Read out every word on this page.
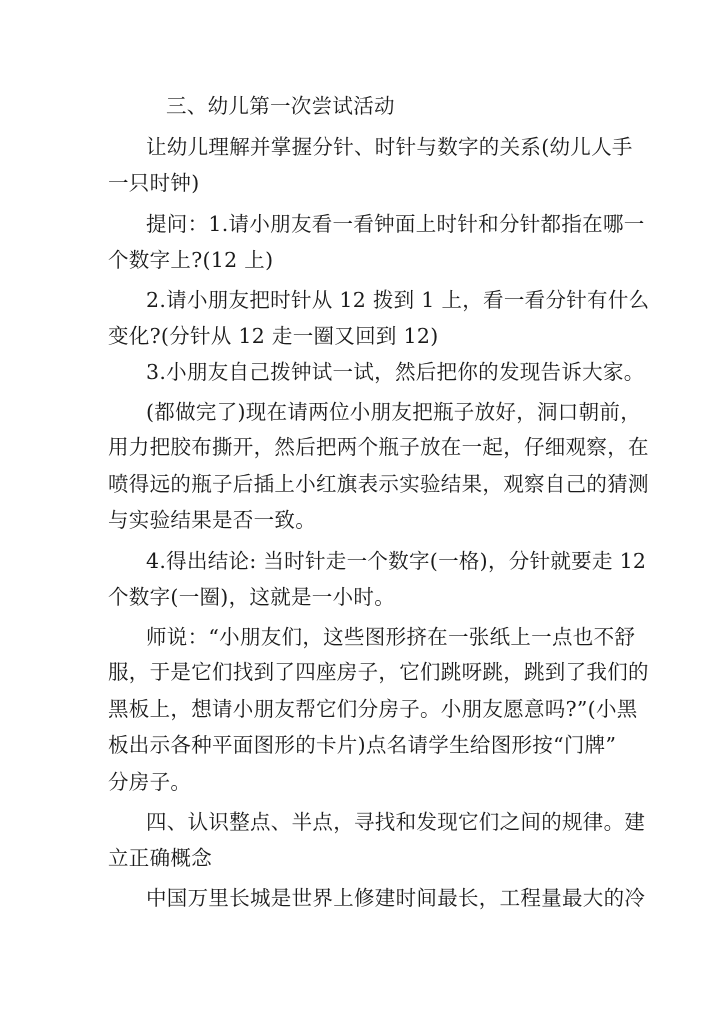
三、幼儿第一次尝试活动
让幼儿理解并掌握分针、时针与数字的关系(幼儿人手
一只时钟)
提问：1.请小朋友看一看钟面上时针和分针都指在哪一
个数字上?(12 上)
2.请小朋友把时针从 12 拨到 1 上，看一看分针有什么
变化?(分针从 12 走一圈又回到 12)
3.小朋友自己拨钟试一试，然后把你的发现告诉大家。
(都做完了)现在请两位小朋友把瓶子放好，洞口朝前，
用力把胶布撕开，然后把两个瓶子放在一起，仔细观察，在
喷得远的瓶子后插上小红旗表示实验结果，观察自己的猜测
与实验结果是否一致。
4.得出结论: 当时针走一个数字(一格)，分针就要走 12
个数字(一圈)，这就是一小时。
师说：“小朋友们，这些图形挤在一张纸上一点也不舒
服，于是它们找到了四座房子，它们跳呀跳，跳到了我们的
黑板上，想请小朋友帮它们分房子。小朋友愿意吗?”(小黑
板出示各种平面图形的卡片)点名请学生给图形按“门牌”
分房子。
四、认识整点、半点，寻找和发现它们之间的规律。建
立正确概念
中国万里长城是世界上修建时间最长，工程量最大的冷
